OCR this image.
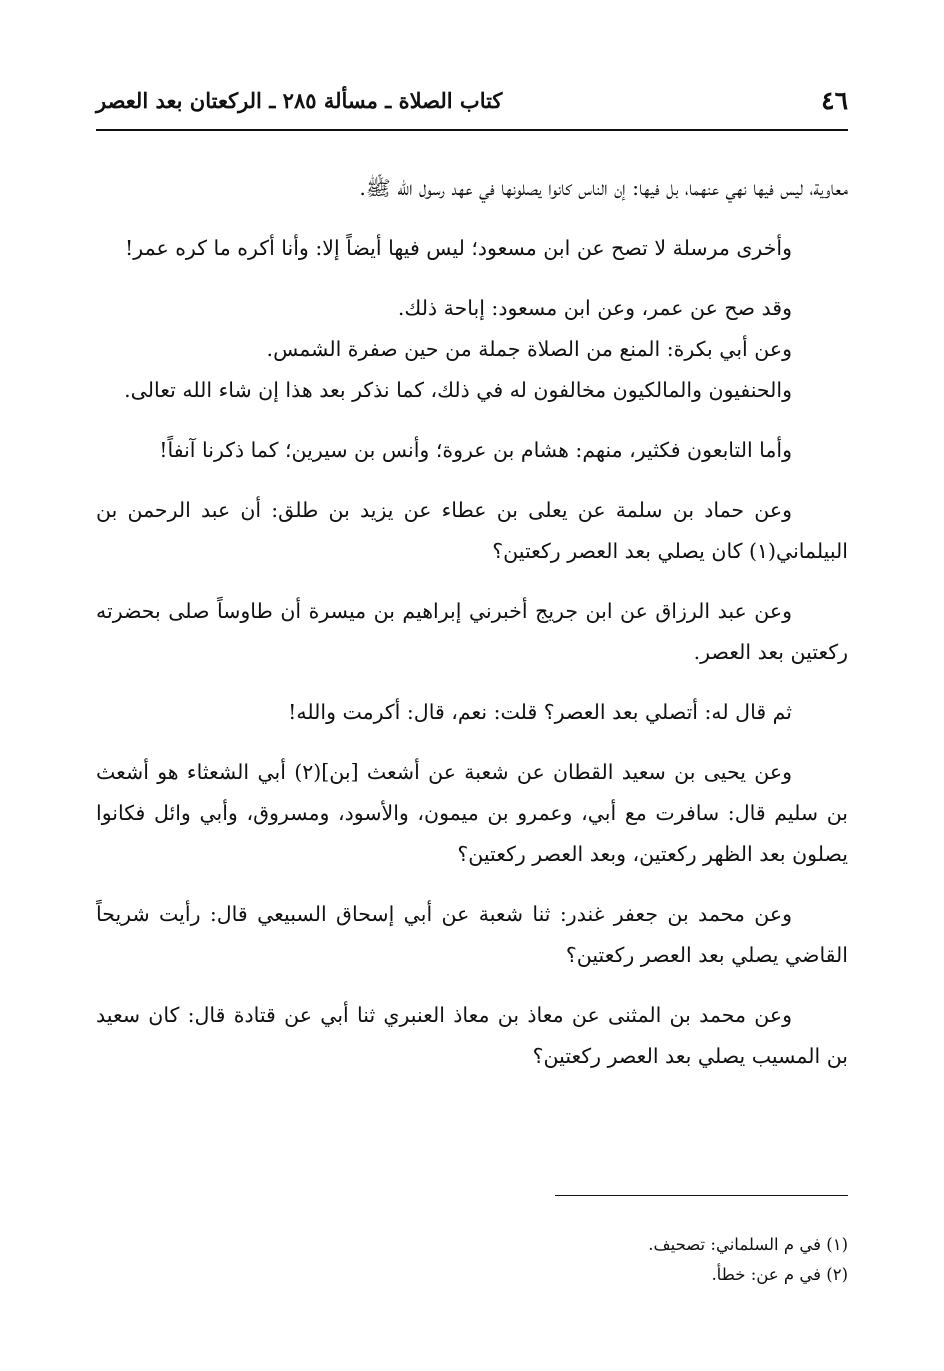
٤٦
كتاب الصلاة ـ مسألة ٢٨٥ ـ الركعتان بعد العصر

معاوية، ليس فيها نهي عنهما، بل فيها: إن الناس كانوا يصلونها في عهد رسول الله ﷺ.

وأخرى مرسلة لا تصح عن ابن مسعود؛ ليس فيها أيضاً إلا: وأنا أكره ما كره عمر!

وقد صح عن عمر، وعن ابن مسعود: إباحة ذلك.

وعن أبي بكرة: المنع من الصلاة جملة من حين صفرة الشمس.

والحنفيون والمالكيون مخالفون له في ذلك، كما نذكر بعد هذا إن شاء الله تعالى.

وأما التابعون فكثير، منهم: هشام بن عروة؛ وأنس بن سيرين؛ كما ذكرنا آنفاً!

وعن حماد بن سلمة عن يعلى بن عطاء عن يزيد بن طلق: أن عبد الرحمن بن البيلماني(١) كان يصلي بعد العصر ركعتين؟

وعن عبد الرزاق عن ابن جريج أخبرني إبراهيم بن ميسرة أن طاوساً صلى بحضرته ركعتين بعد العصر.

ثم قال له: أتصلي بعد العصر؟ قلت: نعم، قال: أكرمت والله!

وعن يحيى بن سعيد القطان عن شعبة عن أشعث [بن](٢) أبي الشعثاء هو أشعث بن سليم قال: سافرت مع أبي، وعمرو بن ميمون، والأسود، ومسروق، وأبي وائل فكانوا يصلون بعد الظهر ركعتين، وبعد العصر ركعتين؟

وعن محمد بن جعفر غندر: ثنا شعبة عن أبي إسحاق السبيعي قال: رأيت شريحاً القاضي يصلي بعد العصر ركعتين؟

وعن محمد بن المثنى عن معاذ بن معاذ العنبري ثنا أبي عن قتادة قال: كان سعيد بن المسيب يصلي بعد العصر ركعتين؟

(١) في م السلماني: تصحيف.

(٢) في م عن: خطأ.
